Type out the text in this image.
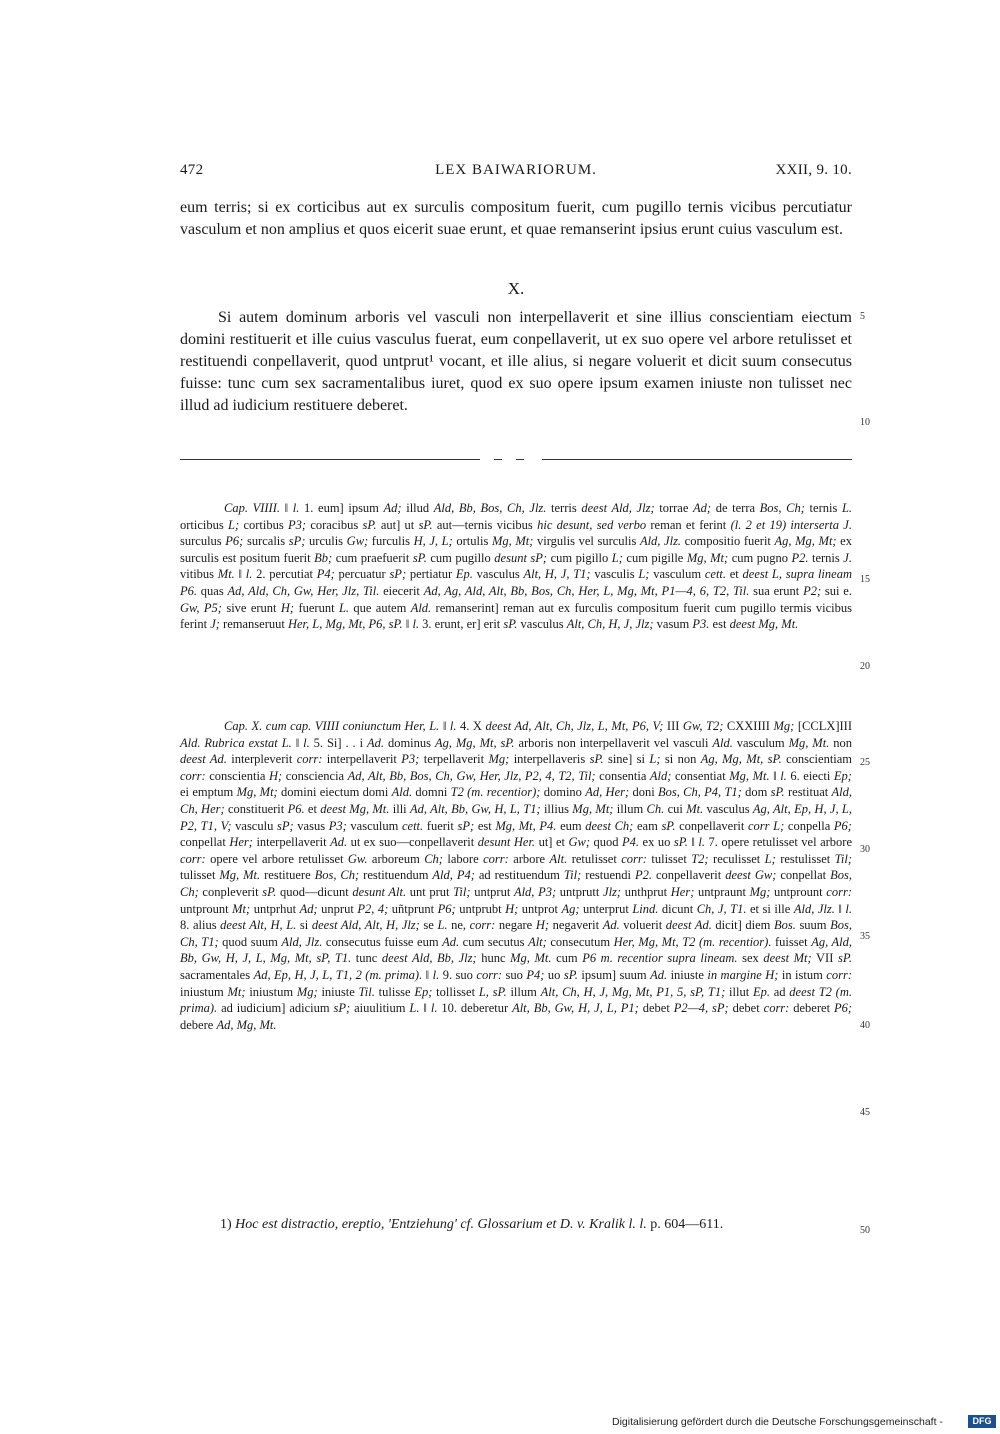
472	LEX BAIWARIORUM.	XXII, 9. 10.

eum terris; si ex corticibus aut ex surculis compositum fuerit, cum pugillo ternis vicibus percutiatur vasculum et non amplius et quos eicerit suae erunt, et quae remanserint ipsius erunt cuius vasculum est.

X.

Si autem dominum arboris vel vasculi non interpellaverit et sine illius conscientiam eiectum domini restituerit et ille cuius vasculus fuerat, eum conpellaverit, ut ex suo opere vel arbore retulisset et restituendi conpellaverit, quod untprut¹ vocant, et ille alius, si negare voluerit et dicit suum consecutus fuisse: tunc cum sex sacramentalibus iuret, quod ex suo opere ipsum examen iniuste non tulisset nec illud ad iudicium restituere deberet.

5
10

Cap. VIIII. ‖ l. 1. eum] ipsum Ad; illud Ald, Bb, Bos, Ch, Jlz. terris deest Ald, Jlz; torrae Ad; de terra Bos, Ch; ternis L. orticibus L; cortibus P3; coracibus sP. aut] ut sP. aut—ternis vicibus hic desunt, sed verbo reman et ferint (l. 2 et 19) interserta J. surculus P6; surcalis sP; urculis Gw; furculis H, J, L; ortulis Mg, Mt; virgulis vel surculis Ald, Jlz. compositio fuerit Ag, Mg, Mt; ex surculis est positum fuerit Bb; cum praefuerit sP. cum pugillo desunt sP; cum pigillo L; cum pigille Mg, Mt; cum pugno P2. ternis J. vitibus Mt. ‖ l. 2. percutiat P4; percuatur sP; pertiatur Ep. vasculus Alt, H, J, T1; vasculis L; vasculum cett. et deest L, supra lineam P6. quas Ad, Ald, Ch, Gw, Her, Jlz, Til. eiecerit Ad, Ag, Ald, Alt, Bb, Bos, Ch, Her, L, Mg, Mt, P1—4, 6, T2, Til. sua erunt P2; sui e. Gw, P5; sive erunt H; fuerunt L. que autem Ald. remanserint] reman aut ex furculis compositum fuerit cum pugillo termis vicibus ferint J; remanseruut Her, L, Mg, Mt, P6, sP. ‖ l. 3. erunt, er] erit sP. vasculus Alt, Ch, H, J, Jlz; vasum P3. est deest Mg, Mt.

Cap. X. cum cap. VIIII coniunctum Her, L. ‖ l. 4. X deest Ad, Alt, Ch, Jlz, L, Mt, P6, V; III Gw, T2; CXXIIII Mg; [CCLX]III Ald. Rubrica exstat L. ‖ l. 5. Si] . . i Ad. dominus Ag, Mg, Mt, sP. arboris non interpellaverit vel vasculi Ald. vasculum Mg, Mt. non deest Ad. interpleverit corr: interpellaverit P3; terpellaverit Mg; interpellaveris sP. sine] si L; si non Ag, Mg, Mt, sP. conscientiam corr: conscientia H; consciencia Ad, Alt, Bb, Bos, Ch, Gw, Her, Jlz, P2, 4, T2, Til; consentia Ald; consentiat Mg, Mt. ‖ l. 6. eiecti Ep; ei emptum Mg, Mt; domini eiectum domi Ald. domni T2 (m. recentior); domino Ad, Her; doni Bos, Ch, P4, T1; dom sP. restituat Ald, Ch, Her; constituerit P6. et deest Mg, Mt. illi Ad, Alt, Bb, Gw, H, L, T1; illius Mg, Mt; illum Ch. cui Mt. vasculus Ag, Alt, Ep, H, J, L, P2, T1, V; vasculu sP; vasus P3; vasculum cett. fuerit sP; est Mg, Mt, P4. eum deest Ch; eam sP. conpellaverit corr L; conpella P6; conpellat Her; interpellaverit Ad. ut ex suo—conpellaverit desunt Her. ut] et Gw; quod P4. ex uo sP. ‖ l. 7. opere retulisset vel arbore corr: opere vel arbore retulisset Gw. arboreum Ch; labore corr: arbore Alt. retulisset corr: tulisset T2; reculisset L; restulisset Til; tulisset Mg, Mt. restituere Bos, Ch; restituendum Ald, P4; ad restituendum Til; restuendi P2. conpellaverit deest Gw; conpellat Bos, Ch; conpleverit sP. quod—dicunt desunt Alt. unt prut Til; untprut Ald, P3; untprutt Jlz; unthprut Her; untpraunt Mg; untprount corr: untprount Mt; untprhut Ad; unprut P2, 4; uñtprunt P6; untprubt H; untprot Ag; unterprut Lind. dicunt Ch, J, T1. et si ille Ald, Jlz. ‖ l. 8. alius deest Alt, H, L. si deest Ald, Alt, H, Jlz; se L. ne, corr: negare H; negaverit Ad. voluerit deest Ad. dicit] diem Bos. suum Bos, Ch, T1; quod suum Ald, Jlz. consecutus fuisse eum Ad. cum secutus Alt; consecutum Her, Mg, Mt, T2 (m. recentior). fuisset Ag, Ald, Bb, Gw, H, J, L, Mg, Mt, sP, T1. tunc deest Ald, Bb, Jlz; hunc Mg, Mt. cum P6 m. recentior supra lineam. sex deest Mt; VII sP. sacramentales Ad, Ep, H, J, L, T1, 2 (m. prima). ‖ l. 9. suo corr: suo P4; uo sP. ipsum] suum Ad. iniuste in margine H; in istum corr: iniustum Mt; iniustum Mg; iniuste Til. tulisse Ep; tollisset L, sP. illum Alt, Ch, H, J, Mg, Mt, P1, 5, sP, T1; illut Ep. ad deest T2 (m. prima). ad iudicium] adicium sP; aiuulitium L. ‖ l. 10. deberetur Alt, Bb, Gw, H, J, L, P1; debet P2—4, sP; debet corr: deberet P6; debere Ad, Mg, Mt.

15
20
25
30
35
40
45
50
1) Hoc est distractio, ereptio, 'Entziehung' cf. Glossarium et D. v. Kralik l. l. p. 604—611.
Digitalisierung gefördert durch die Deutsche Forschungsgemeinschaft -	DFG
